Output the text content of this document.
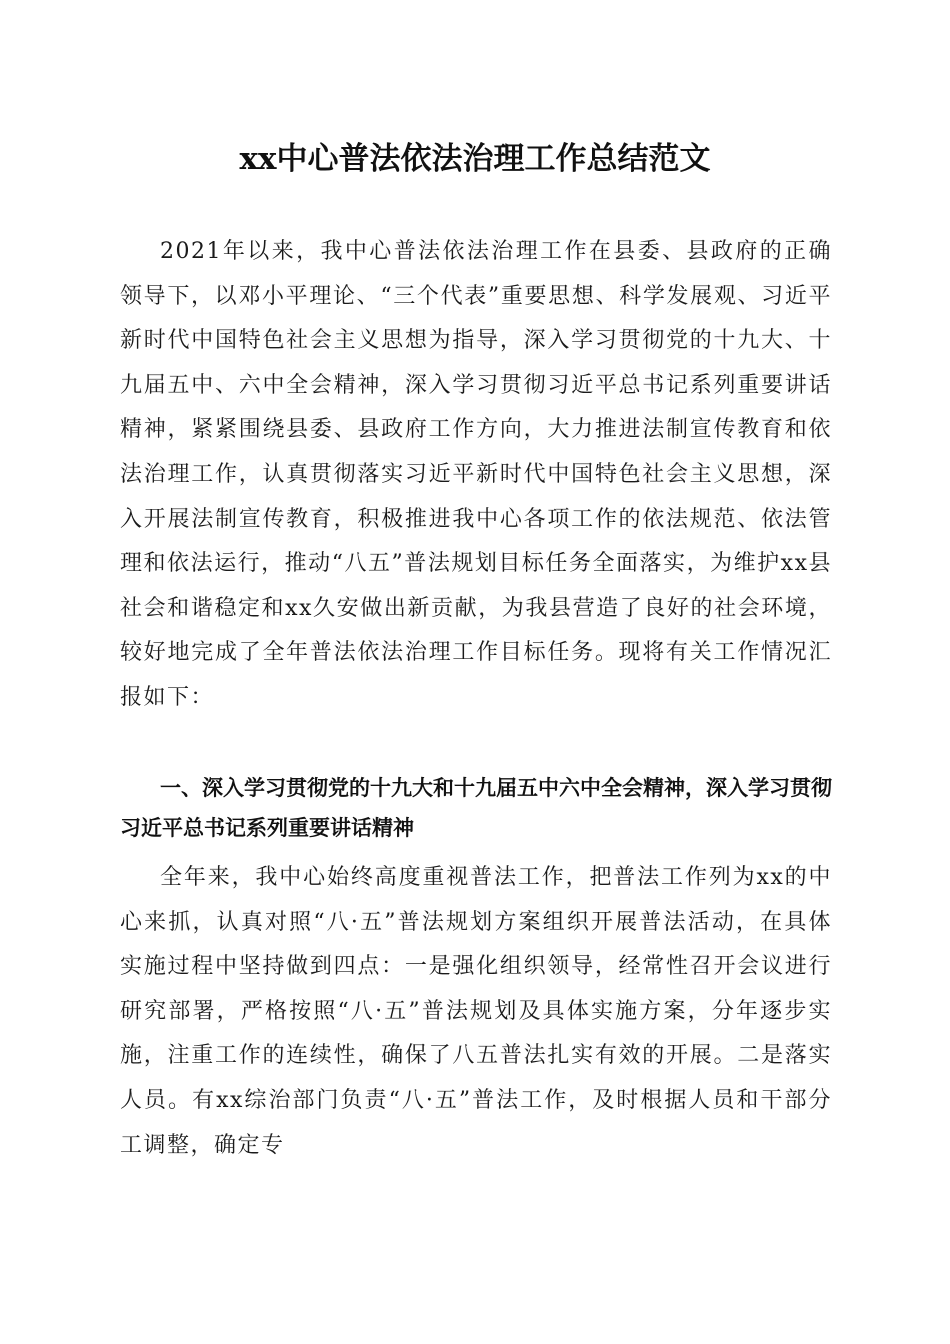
xx中心普法依法治理工作总结范文

2021年以来，我中心普法依法治理工作在县委、县政府的正确领导下，以邓小平理论、“三个代表”重要思想、科学发展观、习近平新时代中国特色社会主义思想为指导，深入学习贯彻党的十九大、十九届五中、六中全会精神，深入学习贯彻习近平总书记系列重要讲话精神，紧紧围绕县委、县政府工作方向，大力推进法制宣传教育和依法治理工作，认真贯彻落实习近平新时代中国特色社会主义思想，深入开展法制宣传教育，积极推进我中心各项工作的依法规范、依法管理和依法运行，推动“八五”普法规划目标任务全面落实，为维护xx县社会和谐稳定和xx久安做出新贡献，为我县营造了良好的社会环境，较好地完成了全年普法依法治理工作目标任务。现将有关工作情况汇报如下：

一、深入学习贯彻党的十九大和十九届五中六中全会精神，深入学习贯彻习近平总书记系列重要讲话精神

全年来，我中心始终高度重视普法工作，把普法工作列为xx的中心来抓，认真对照“八·五”普法规划方案组织开展普法活动，在具体实施过程中坚持做到四点：一是强化组织领导，经常性召开会议进行研究部署，严格按照“八·五”普法规划及具体实施方案，分年逐步实施，注重工作的连续性，确保了八五普法扎实有效的开展。二是落实人员。有xx综治部门负责“八·五”普法工作，及时根据人员和干部分工调整，确定专
